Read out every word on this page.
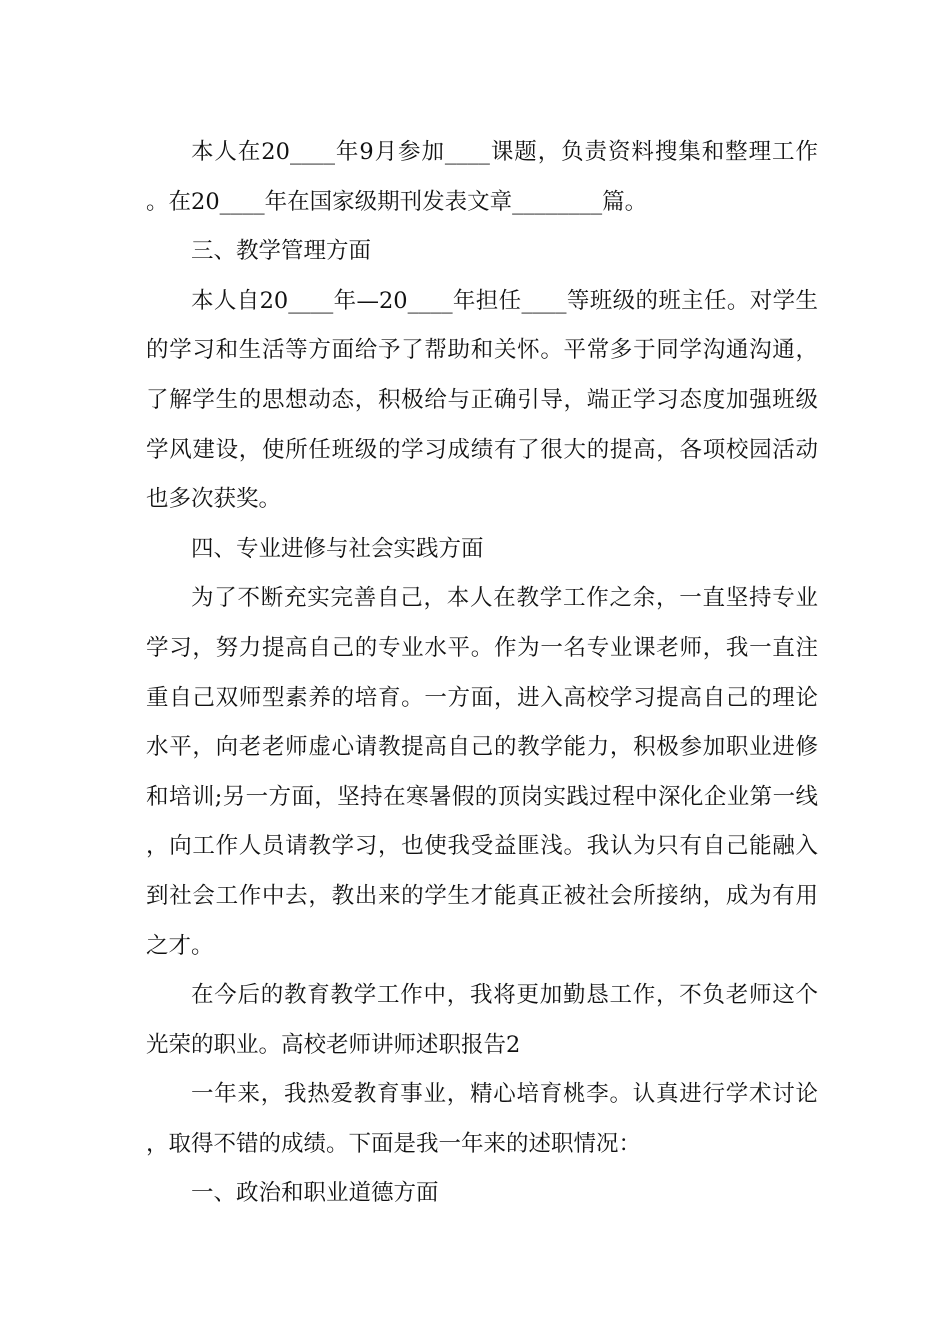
本人在20____年9月参加____课题，负责资料搜集和整理工作。在20____年在国家级期刊发表文章________篇。

三、教学管理方面

本人自20____年—20____年担任____等班级的班主任。对学生的学习和生活等方面给予了帮助和关怀。平常多于同学沟通沟通，了解学生的思想动态，积极给与正确引导，端正学习态度加强班级学风建设，使所任班级的学习成绩有了很大的提高，各项校园活动也多次获奖。

四、专业进修与社会实践方面

为了不断充实完善自己，本人在教学工作之余，一直坚持专业学习，努力提高自己的专业水平。作为一名专业课老师，我一直注重自己双师型素养的培育。一方面，进入高校学习提高自己的理论水平，向老老师虚心请教提高自己的教学能力，积极参加职业进修和培训;另一方面，坚持在寒暑假的顶岗实践过程中深化企业第一线，向工作人员请教学习，也使我受益匪浅。我认为只有自己能融入到社会工作中去，教出来的学生才能真正被社会所接纳，成为有用之才。

在今后的教育教学工作中，我将更加勤恳工作，不负老师这个光荣的职业。高校老师讲师述职报告2

一年来，我热爱教育事业，精心培育桃李。认真进行学术讨论，取得不错的成绩。下面是我一年来的述职情况：

一、政治和职业道德方面
